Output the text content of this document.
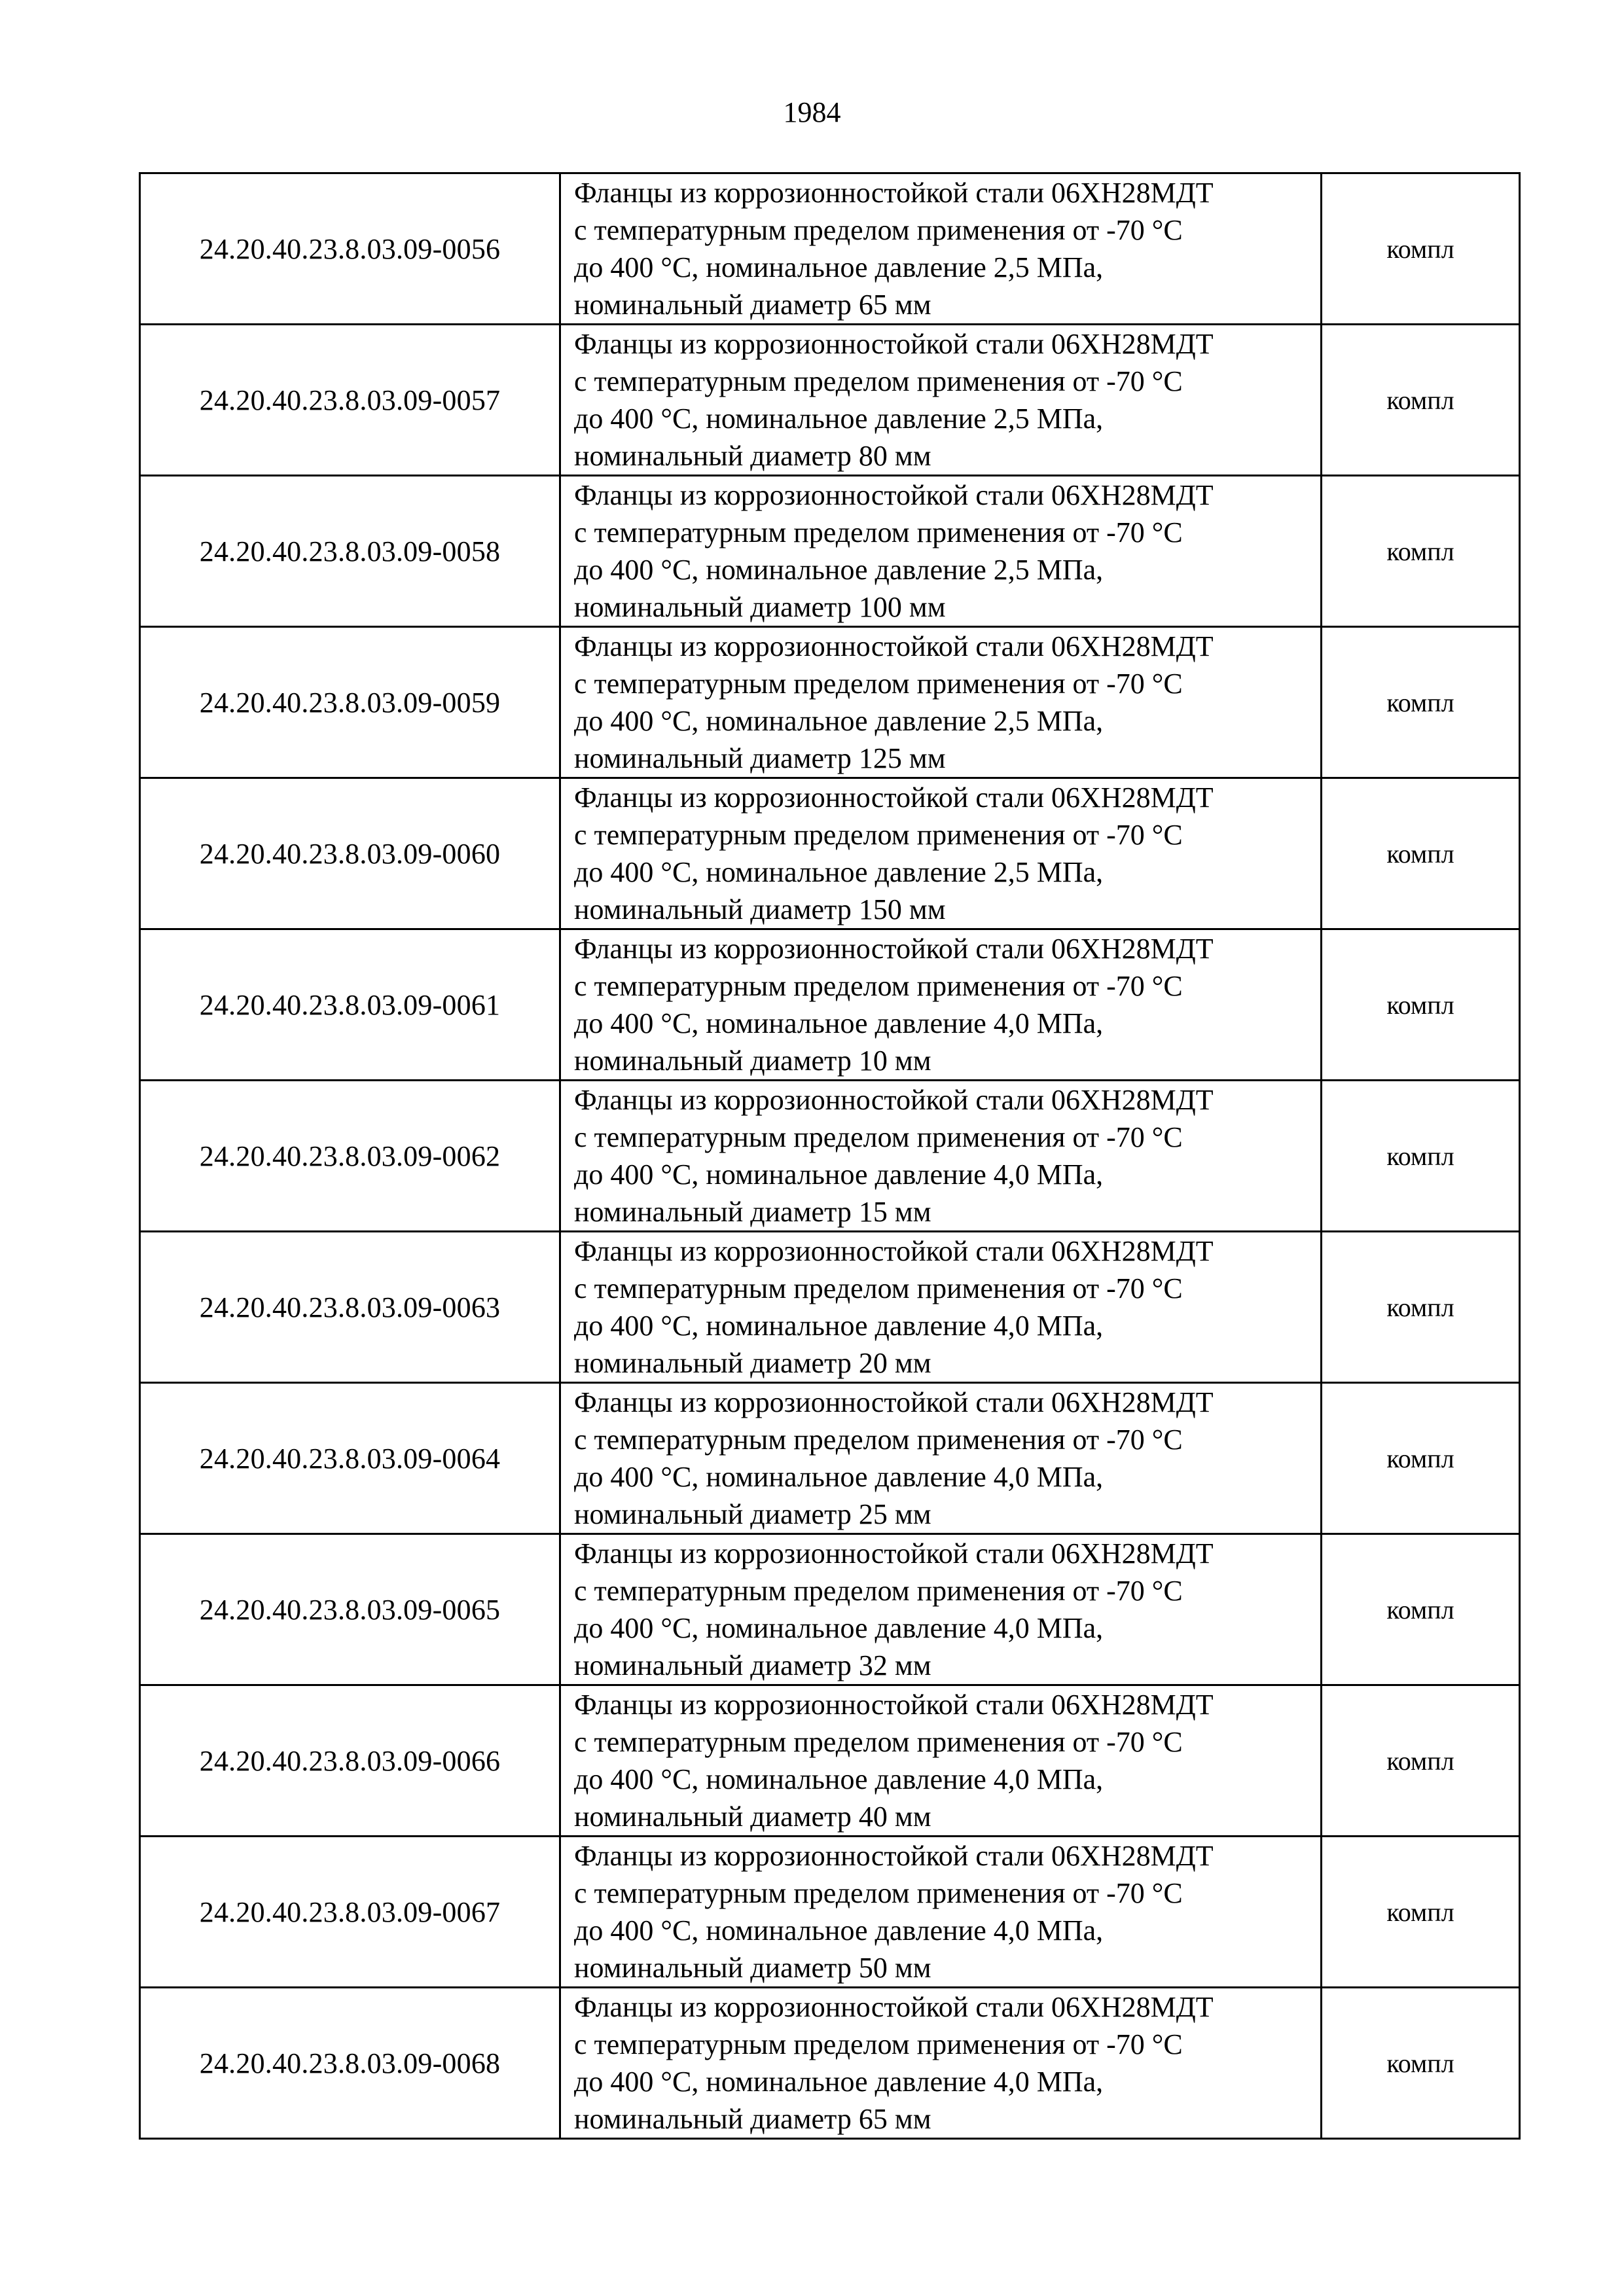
1984
24.20.40.23.8.03.09-0056	Фланцы из коррозионностойкой стали 06ХН28МДТ
с температурным пределом применения от -70 °С
до 400 °С, номинальное давление 2,5 МПа,
номинальный диаметр 65 мм	компл
24.20.40.23.8.03.09-0057	Фланцы из коррозионностойкой стали 06ХН28МДТ
с температурным пределом применения от -70 °С
до 400 °С, номинальное давление 2,5 МПа,
номинальный диаметр 80 мм	компл
24.20.40.23.8.03.09-0058	Фланцы из коррозионностойкой стали 06ХН28МДТ
с температурным пределом применения от -70 °С
до 400 °С, номинальное давление 2,5 МПа,
номинальный диаметр 100 мм	компл
24.20.40.23.8.03.09-0059	Фланцы из коррозионностойкой стали 06ХН28МДТ
с температурным пределом применения от -70 °С
до 400 °С, номинальное давление 2,5 МПа,
номинальный диаметр 125 мм	компл
24.20.40.23.8.03.09-0060	Фланцы из коррозионностойкой стали 06ХН28МДТ
с температурным пределом применения от -70 °С
до 400 °С, номинальное давление 2,5 МПа,
номинальный диаметр 150 мм	компл
24.20.40.23.8.03.09-0061	Фланцы из коррозионностойкой стали 06ХН28МДТ
с температурным пределом применения от -70 °С
до 400 °С, номинальное давление 4,0 МПа,
номинальный диаметр 10 мм	компл
24.20.40.23.8.03.09-0062	Фланцы из коррозионностойкой стали 06ХН28МДТ
с температурным пределом применения от -70 °С
до 400 °С, номинальное давление 4,0 МПа,
номинальный диаметр 15 мм	компл
24.20.40.23.8.03.09-0063	Фланцы из коррозионностойкой стали 06ХН28МДТ
с температурным пределом применения от -70 °С
до 400 °С, номинальное давление 4,0 МПа,
номинальный диаметр 20 мм	компл
24.20.40.23.8.03.09-0064	Фланцы из коррозионностойкой стали 06ХН28МДТ
с температурным пределом применения от -70 °С
до 400 °С, номинальное давление 4,0 МПа,
номинальный диаметр 25 мм	компл
24.20.40.23.8.03.09-0065	Фланцы из коррозионностойкой стали 06ХН28МДТ
с температурным пределом применения от -70 °С
до 400 °С, номинальное давление 4,0 МПа,
номинальный диаметр 32 мм	компл
24.20.40.23.8.03.09-0066	Фланцы из коррозионностойкой стали 06ХН28МДТ
с температурным пределом применения от -70 °С
до 400 °С, номинальное давление 4,0 МПа,
номинальный диаметр 40 мм	компл
24.20.40.23.8.03.09-0067	Фланцы из коррозионностойкой стали 06ХН28МДТ
с температурным пределом применения от -70 °С
до 400 °С, номинальное давление 4,0 МПа,
номинальный диаметр 50 мм	компл
24.20.40.23.8.03.09-0068	Фланцы из коррозионностойкой стали 06ХН28МДТ
с температурным пределом применения от -70 °С
до 400 °С, номинальное давление 4,0 МПа,
номинальный диаметр 65 мм	компл
